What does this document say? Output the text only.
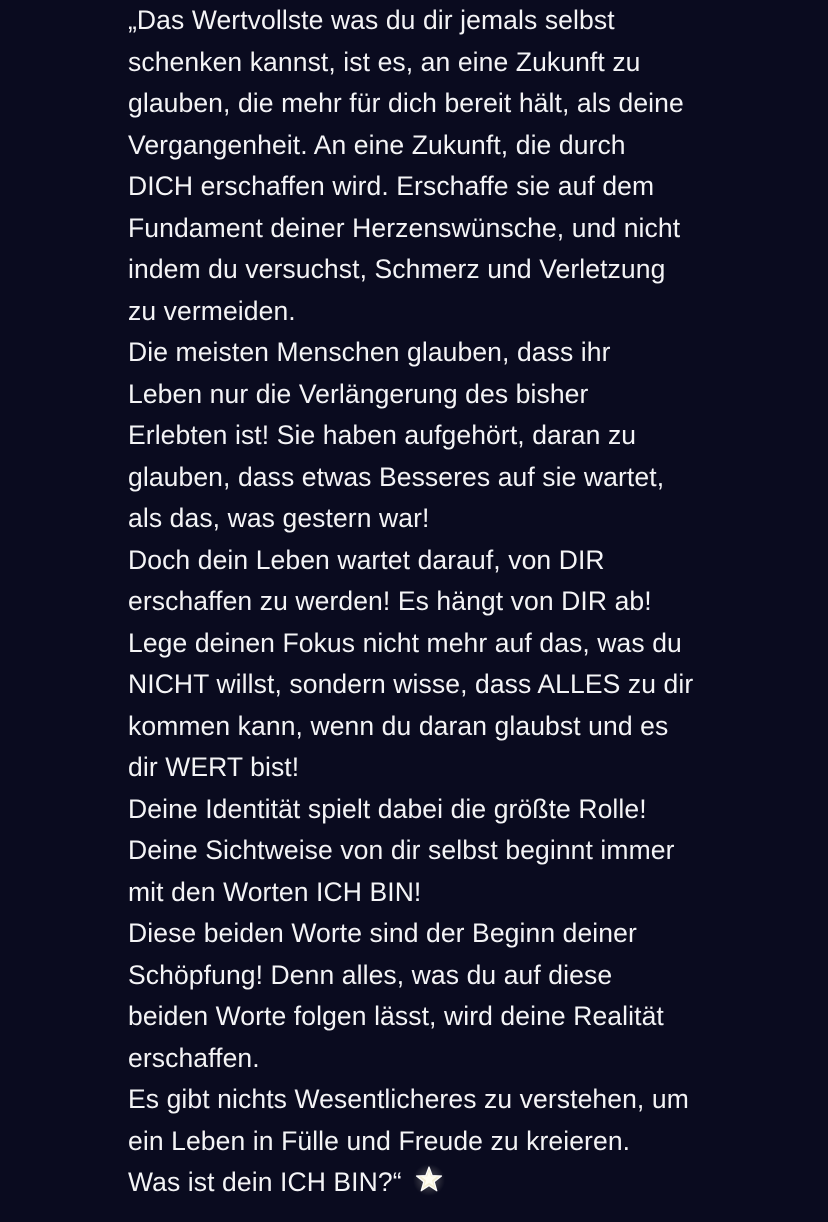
„Das Wertvollste was du dir jemals selbst
schenken kannst, ist es, an eine Zukunft zu
glauben, die mehr für dich bereit hält, als deine
Vergangenheit. An eine Zukunft, die durch
DICH erschaffen wird. Erschaffe sie auf dem
Fundament deiner Herzenswünsche, und nicht
indem du versuchst, Schmerz und Verletzung
zu vermeiden.
Die meisten Menschen glauben, dass ihr
Leben nur die Verlängerung des bisher
Erlebten ist! Sie haben aufgehört, daran zu
glauben, dass etwas Besseres auf sie wartet,
als das, was gestern war!
Doch dein Leben wartet darauf, von DIR
erschaffen zu werden! Es hängt von DIR ab!
Lege deinen Fokus nicht mehr auf das, was du
NICHT willst, sondern wisse, dass ALLES zu dir
kommen kann, wenn du daran glaubst und es
dir WERT bist!
Deine Identität spielt dabei die größte Rolle!
Deine Sichtweise von dir selbst beginnt immer
mit den Worten ICH BIN!
Diese beiden Worte sind der Beginn deiner
Schöpfung! Denn alles, was du auf diese
beiden Worte folgen lässt, wird deine Realität
erschaffen.
Es gibt nichts Wesentlicheres zu verstehen, um
ein Leben in Fülle und Freude zu kreieren.
Was ist dein ICH BIN?“
